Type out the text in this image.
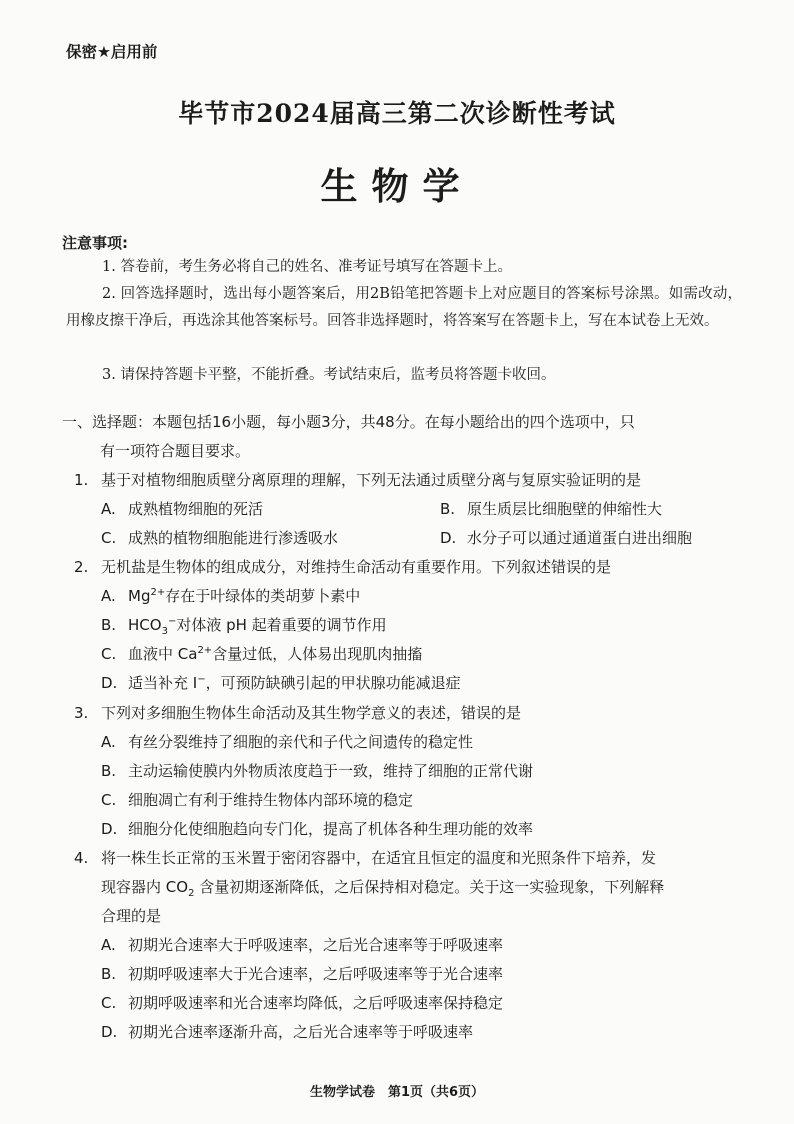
保密★启用前
毕节市2024届高三第二次诊断性考试
生物学
注意事项:
1. 答卷前，考生务必将自己的姓名、准考证号填写在答题卡上。
2. 回答选择题时，选出每小题答案后，用2B铅笔把答题卡上对应题目的答案标号涂黑。如需改动，用橡皮擦干净后，再选涂其他答案标号。回答非选择题时，将答案写在答题卡上，写在本试卷上无效。
3. 请保持答题卡平整，不能折叠。考试结束后，监考员将答题卡收回。
一、选择题：本题包括16小题，每小题3分，共48分。在每小题给出的四个选项中，只
有一项符合题目要求。
1. 基于对植物细胞质壁分离原理的理解，下列无法通过质壁分离与复原实验证明的是
A. 成熟植物细胞的死活	B. 原生质层比细胞壁的伸缩性大
C. 成熟的植物细胞能进行渗透吸水	D. 水分子可以通过通道蛋白进出细胞
2. 无机盐是生物体的组成成分，对维持生命活动有重要作用。下列叙述错误的是
A. $Mg^{2+}$存在于叶绿体的类胡萝卜素中
B. $HCO_3^-$对体液 pH 起着重要的调节作用
C. 血液中 $Ca^{2+}$含量过低，人体易出现肌肉抽搐
D. 适当补充 I−，可预防缺碘引起的甲状腺功能减退症
3. 下列对多细胞生物体生命活动及其生物学意义的表述，错误的是
A. 有丝分裂维持了细胞的亲代和子代之间遗传的稳定性
B. 主动运输使膜内外物质浓度趋于一致，维持了细胞的正常代谢
C. 细胞凋亡有利于维持生物体内部环境的稳定
D. 细胞分化使细胞趋向专门化，提高了机体各种生理功能的效率
4. 将一株生长正常的玉米置于密闭容器中，在适宜且恒定的温度和光照条件下培养，发
现容器内 $CO_2$ 含量初期逐渐降低，之后保持相对稳定。关于这一实验现象，下列解释
合理的是
A. 初期光合速率大于呼吸速率，之后光合速率等于呼吸速率
B. 初期呼吸速率大于光合速率，之后呼吸速率等于光合速率
C. 初期呼吸速率和光合速率均降低，之后呼吸速率保持稳定
D. 初期光合速率逐渐升高，之后光合速率等于呼吸速率
生物学试卷　第1页（共6页）
